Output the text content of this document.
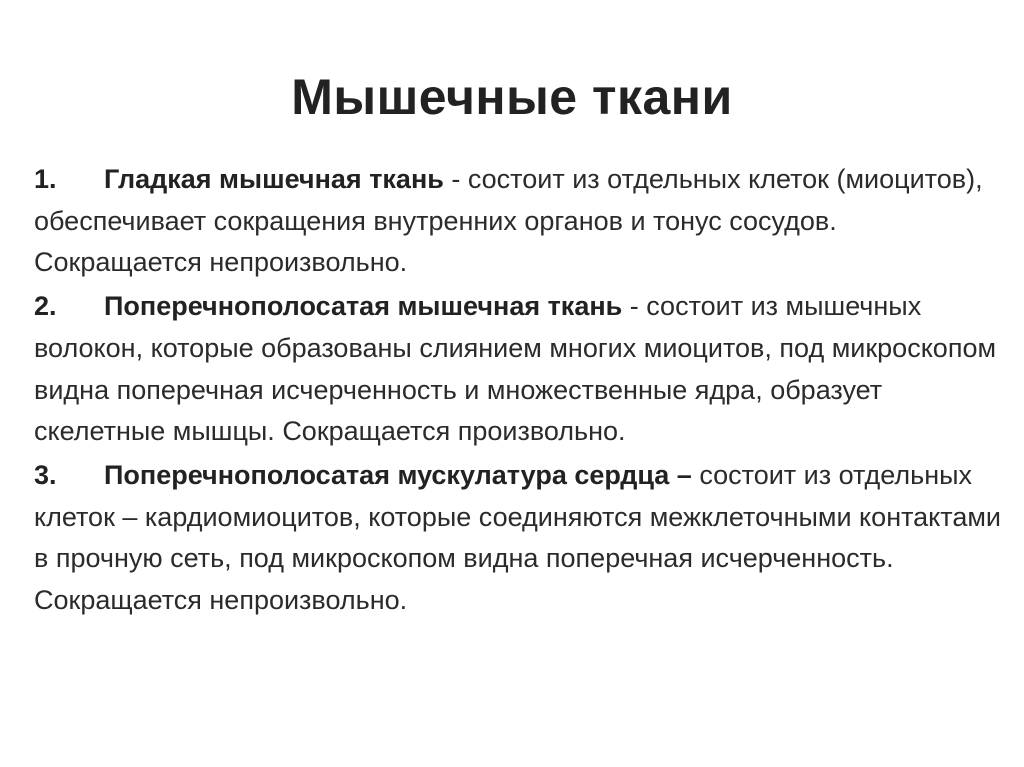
Мышечные ткани

1. Гладкая мышечная ткань - состоит из отдельных клеток (миоцитов), обеспечивает сокращения внутренних органов и тонус сосудов. Сокращается непроизвольно.

2. Поперечнополосатая мышечная ткань - состоит из мышечных волокон, которые образованы слиянием многих миоцитов, под микроскопом видна поперечная исчерченность и множественные ядра, образует скелетные мышцы. Сокращается произвольно.

3. Поперечнополосатая мускулатура сердца – состоит из отдельных клеток – кардиомиоцитов, которые соединяются межклеточными контактами в прочную сеть, под микроскопом видна поперечная исчерченность. Сокращается непроизвольно.
